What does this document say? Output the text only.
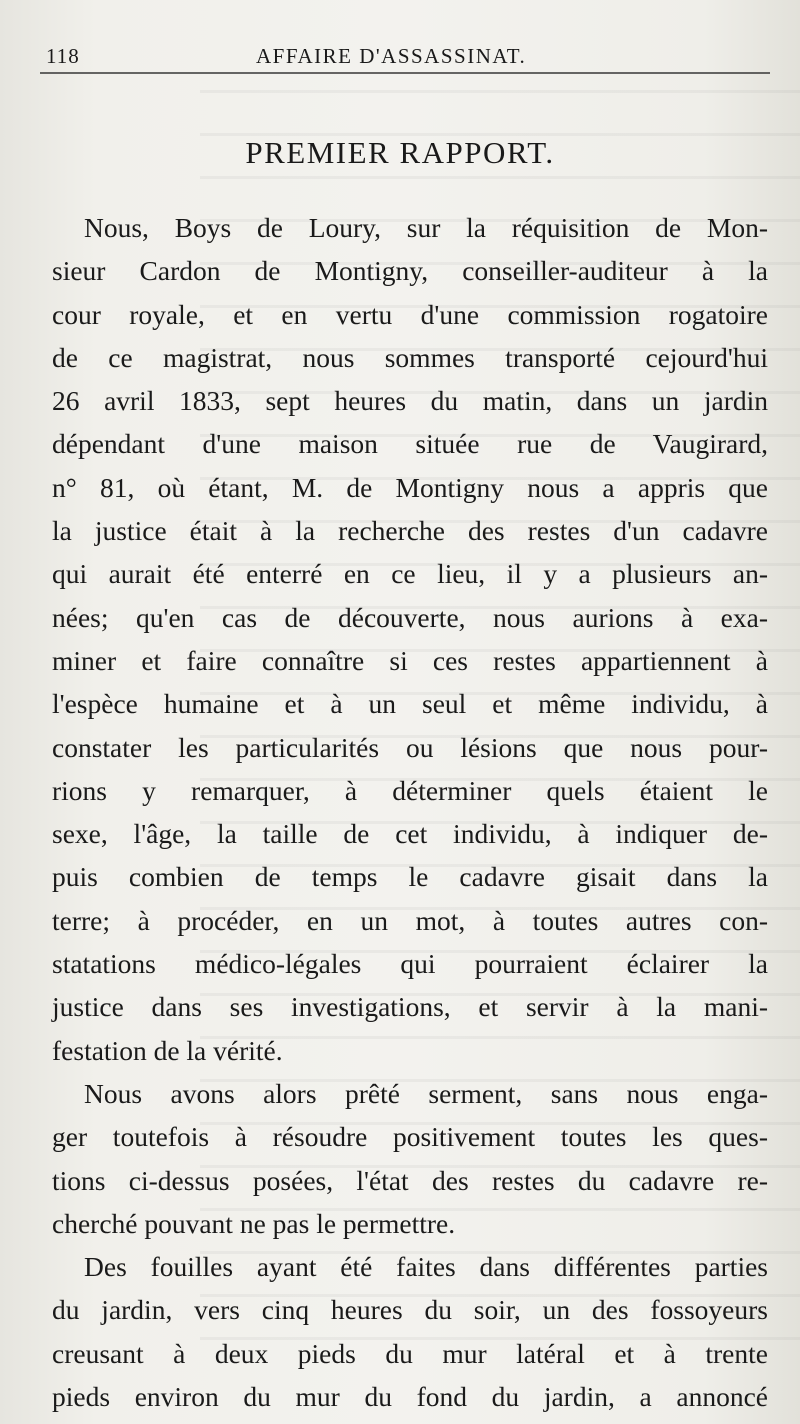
118	AFFAIRE D'ASSASSINAT.
PREMIER RAPPORT.

Nous, Boys de Loury, sur la réquisition de Mon-
sieur Cardon de Montigny, conseiller-auditeur à la
cour royale, et en vertu d'une commission rogatoire
de ce magistrat, nous sommes transporté cejourd'hui
26 avril 1833, sept heures du matin, dans un jardin
dépendant d'une maison située rue de Vaugirard,
n° 81, où étant, M. de Montigny nous a appris que
la justice était à la recherche des restes d'un cadavre
qui aurait été enterré en ce lieu, il y a plusieurs an-
nées; qu'en cas de découverte, nous aurions à exa-
miner et faire connaître si ces restes appartiennent à
l'espèce humaine et à un seul et même individu, à
constater les particularités ou lésions que nous pour-
rions y remarquer, à déterminer quels étaient le
sexe, l'âge, la taille de cet individu, à indiquer de-
puis combien de temps le cadavre gisait dans la
terre; à procéder, en un mot, à toutes autres con-
statations médico-légales qui pourraient éclairer la
justice dans ses investigations, et servir à la mani-
festation de la vérité.

Nous avons alors prêté serment, sans nous enga-
ger toutefois à résoudre positivement toutes les ques-
tions ci-dessus posées, l'état des restes du cadavre re-
cherché pouvant ne pas le permettre.

Des fouilles ayant été faites dans différentes parties
du jardin, vers cinq heures du soir, un des fossoyeurs
creusant à deux pieds du mur latéral et à trente
pieds environ du mur du fond du jardin, a annoncé
